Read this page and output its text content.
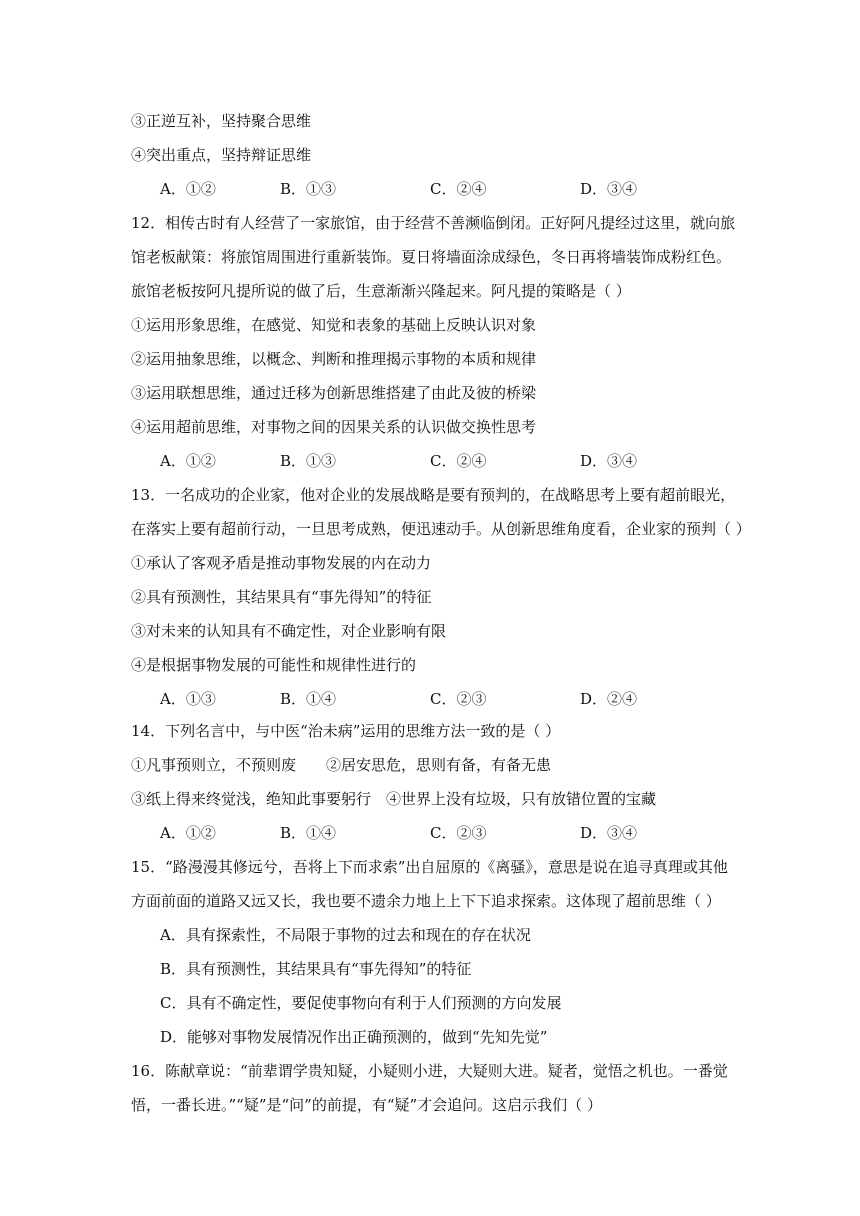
③正逆互补，坚持聚合思维
④突出重点，坚持辩证思维
A．①②	B．①③	C．②④	D．③④
12．相传古时有人经营了一家旅馆，由于经营不善濒临倒闭。正好阿凡提经过这里，就向旅
馆老板献策：将旅馆周围进行重新装饰。夏日将墙面涂成绿色，冬日再将墙装饰成粉红色。
旅馆老板按阿凡提所说的做了后，生意渐渐兴隆起来。阿凡提的策略是（ ）
①运用形象思维，在感觉、知觉和表象的基础上反映认识对象
②运用抽象思维，以概念、判断和推理揭示事物的本质和规律
③运用联想思维，通过迁移为创新思维搭建了由此及彼的桥梁
④运用超前思维，对事物之间的因果关系的认识做交换性思考
A．①②	B．①③	C．②④	D．③④
13．一名成功的企业家，他对企业的发展战略是要有预判的，在战略思考上要有超前眼光，
在落实上要有超前行动，一旦思考成熟，便迅速动手。从创新思维角度看，企业家的预判（ ）
①承认了客观矛盾是推动事物发展的内在动力
②具有预测性，其结果具有“事先得知”的特征
③对未来的认知具有不确定性，对企业影响有限
④是根据事物发展的可能性和规律性进行的
A．①③	B．①④	C．②③	D．②④
14．下列名言中，与中医“治未病”运用的思维方法一致的是（ ）
①凡事预则立，不预则废　　②居安思危，思则有备，有备无患
③纸上得来终觉浅，绝知此事要躬行　④世界上没有垃圾，只有放错位置的宝藏
A．①②	B．①④	C．②③	D．③④
15．“路漫漫其修远兮，吾将上下而求索”出自屈原的《离骚》，意思是说在追寻真理或其他
方面前面的道路又远又长，我也要不遗余力地上上下下追求探索。这体现了超前思维（ ）
A．具有探索性，不局限于事物的过去和现在的存在状况
B．具有预测性，其结果具有“事先得知”的特征
C．具有不确定性，要促使事物向有利于人们预测的方向发展
D．能够对事物发展情况作出正确预测的，做到“先知先觉”
16．陈献章说：“前辈谓学贵知疑，小疑则小进，大疑则大进。疑者，觉悟之机也。一番觉
悟，一番长进。”“疑”是“问”的前提，有“疑”才会追问。这启示我们（ ）
